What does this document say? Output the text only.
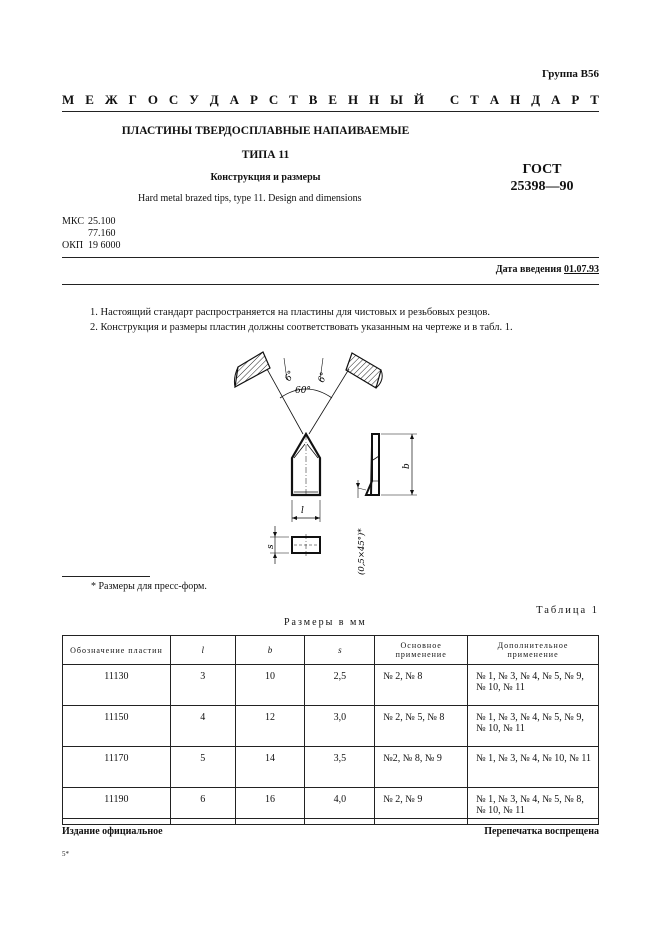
Группа В56
М Е Ж Г О С У Д А Р С Т В Е Н Н Ы Й С Т А Н Д А Р Т
ПЛАСТИНЫ ТВЕРДОСПЛАВНЫЕ НАПАИВАЕМЫЕ
ТИПА 11
Конструкция и размеры
Hard metal brazed tips, type 11. Design and dimensions
ГОСТ
25398—90
МКС	25.100
	77.160
ОКП	19 6000
Дата введения 01.07.93
1. Настоящий стандарт распространяется на пластины для чистовых и резьбовых резцов.
2. Конструкция и размеры пластин должны соответствовать указанным на чертеже и в табл. 1.
60°
6° 6°
l
s
b
(0,5×45°)*
* Размеры для пресс-форм.
Таблица 1
Размеры в мм
Обозначение пластин	l	b	s	Основное применение	Дополнительное применение
11130	3	10	2,5	№ 2, № 8	№ 1, № 3, № 4, № 5, № 9, № 10, № 11
11150	4	12	3,0	№ 2, № 5, № 8	№ 1, № 3, № 4, № 5, № 9, № 10, № 11
11170	5	14	3,5	№2, № 8, № 9	№ 1, № 3, № 4, № 10, № 11
11190	6	16	4,0	№ 2, № 9	№ 1, № 3, № 4, № 5, № 8, № 10, № 11
Издание официальное	Перепечатка воспрещена
5*
